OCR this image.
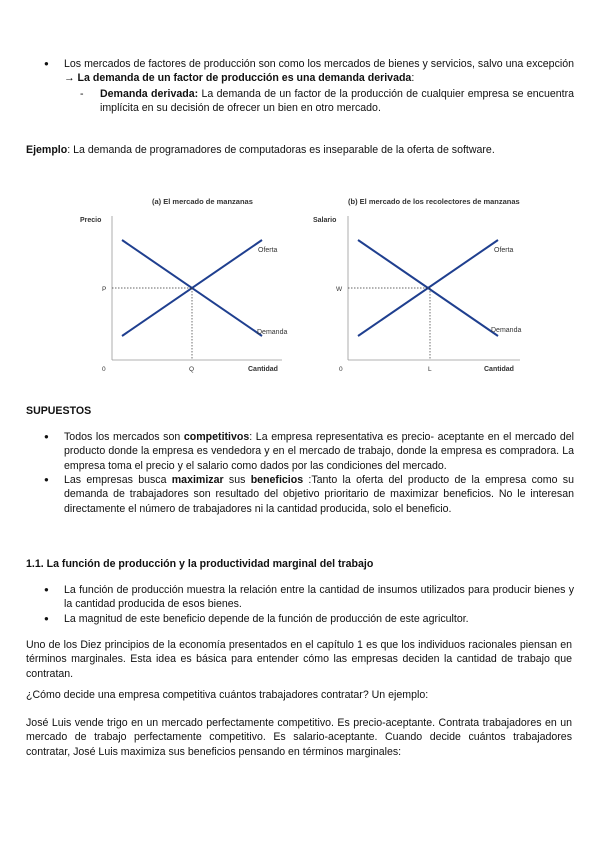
● Los mercados de factores de producción son como los mercados de bienes y servicios, salvo una excepción → La demanda de un factor de producción es una demanda derivada:

- Demanda derivada: La demanda de un factor de la producción de cualquier empresa se encuentra implícita en su decisión de ofrecer un bien en otro mercado.

Ejemplo: La demanda de programadores de computadoras es inseparable de la oferta de software.

(a) El mercado de manzanas
Precio
Oferta
Demanda
P
Q
0	Cantidad
(b) El mercado de los recolectores de manzanas
Salario
Oferta
Demanda
W
L
0	Cantidad

SUPUESTOS

● Todos los mercados son competitivos: La empresa representativa es precio- aceptante en el mercado del producto donde la empresa es vendedora y en el mercado de trabajo, donde la empresa es compradora. La empresa toma el precio y el salario como dados por las condiciones del mercado.

● Las empresas busca maximizar sus beneficios :Tanto la oferta del producto de la empresa como su demanda de trabajadores son resultado del objetivo prioritario de maximizar beneficios. No le interesan directamente el número de trabajadores ni la cantidad producida, solo el beneficio.

1.1. La función de producción y la productividad marginal del trabajo

● La función de producción muestra la relación entre la cantidad de insumos utilizados para producir bienes y la cantidad producida de esos bienes.

● La magnitud de este beneficio depende de la función de producción de este agricultor.

Uno de los Diez principios de la economía presentados en el capítulo 1 es que los individuos racionales piensan en términos marginales. Esta idea es básica para entender cómo las empresas deciden la cantidad de trabajo que contratan.

¿Cómo decide una empresa competitiva cuántos trabajadores contratar? Un ejemplo:

José Luis vende trigo en un mercado perfectamente competitivo. Es precio-aceptante. Contrata trabajadores en un mercado de trabajo perfectamente competitivo. Es salario-aceptante. Cuando decide cuántos trabajadores contratar, José Luis maximiza sus beneficios pensando en términos marginales:
